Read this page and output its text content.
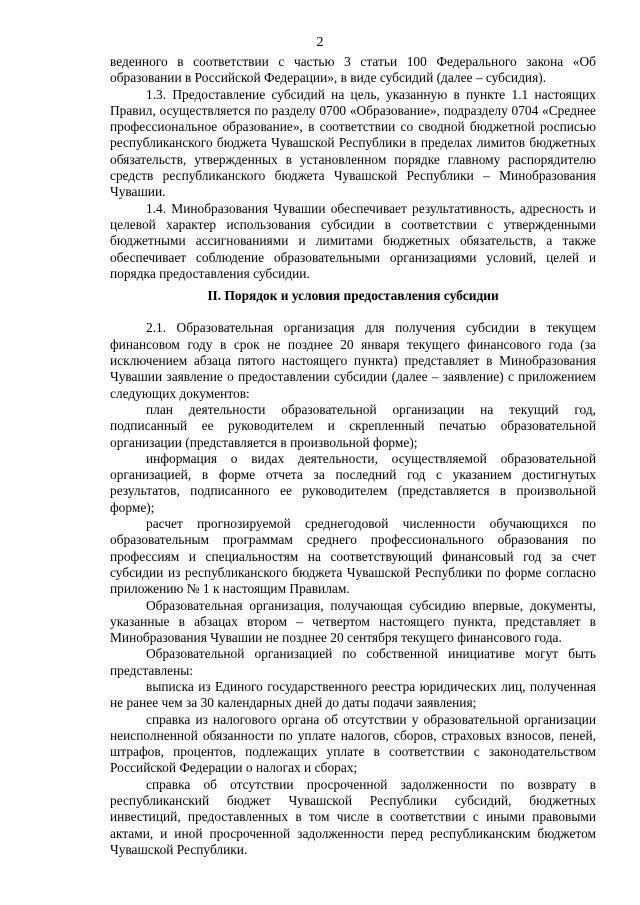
2

веденного в соответствии с частью 3 статьи 100 Федерального закона «Об образовании в Российской Федерации», в виде субсидий (далее – субсидия).

1.3. Предоставление субсидий на цель, указанную в пункте 1.1 настоящих Правил, осуществляется по разделу 0700 «Образование», подразделу 0704 «Среднее профессиональное образование», в соответствии со сводной бюджетной росписью республиканского бюджета Чувашской Республики в пределах лимитов бюджетных обязательств, утвержденных в установленном порядке главному распорядителю средств республиканского бюджета Чувашской Республики – Минобразования Чувашии.

1.4. Минобразования Чувашии обеспечивает результативность, адресность и целевой характер использования субсидии в соответствии с утвержденными бюджетными ассигнованиями и лимитами бюджетных обязательств, а также обеспечивает соблюдение образовательными организациями условий, целей и порядка предоставления субсидии.

II. Порядок и условия предоставления субсидии

2.1. Образовательная организация для получения субсидии в текущем финансовом году в срок не позднее 20 января текущего финансового года (за исключением абзаца пятого настоящего пункта) представляет в Минобразования Чувашии заявление о предоставлении субсидии (далее – заявление) с приложением следующих документов:

план деятельности образовательной организации на текущий год, подписанный ее руководителем и скрепленный печатью образовательной организации (представляется в произвольной форме);

информация о видах деятельности, осуществляемой образовательной организацией, в форме отчета за последний год с указанием достигнутых результатов, подписанного ее руководителем (представляется в произвольной форме);

расчет прогнозируемой среднегодовой численности обучающихся по образовательным программам среднего профессионального образования по профессиям и специальностям на соответствующий финансовый год за счет субсидии из республиканского бюджета Чувашской Республики по форме согласно приложению № 1 к настоящим Правилам.

Образовательная организация, получающая субсидию впервые, документы, указанные в абзацах втором – четвертом настоящего пункта, представляет в Минобразования Чувашии не позднее 20 сентября текущего финансового года.

Образовательной организацией по собственной инициативе могут быть представлены:

выписка из Единого государственного реестра юридических лиц, полученная не ранее чем за 30 календарных дней до даты подачи заявления;

справка из налогового органа об отсутствии у образовательной организации неисполненной обязанности по уплате налогов, сборов, страховых взносов, пеней, штрафов, процентов, подлежащих уплате в соответствии с законодательством Российской Федерации о налогах и сборах;

справка об отсутствии просроченной задолженности по возврату в республиканский бюджет Чувашской Республики субсидий, бюджетных инвестиций, предоставленных в том числе в соответствии с иными правовыми актами, и иной просроченной задолженности перед республиканским бюджетом Чувашской Республики.
